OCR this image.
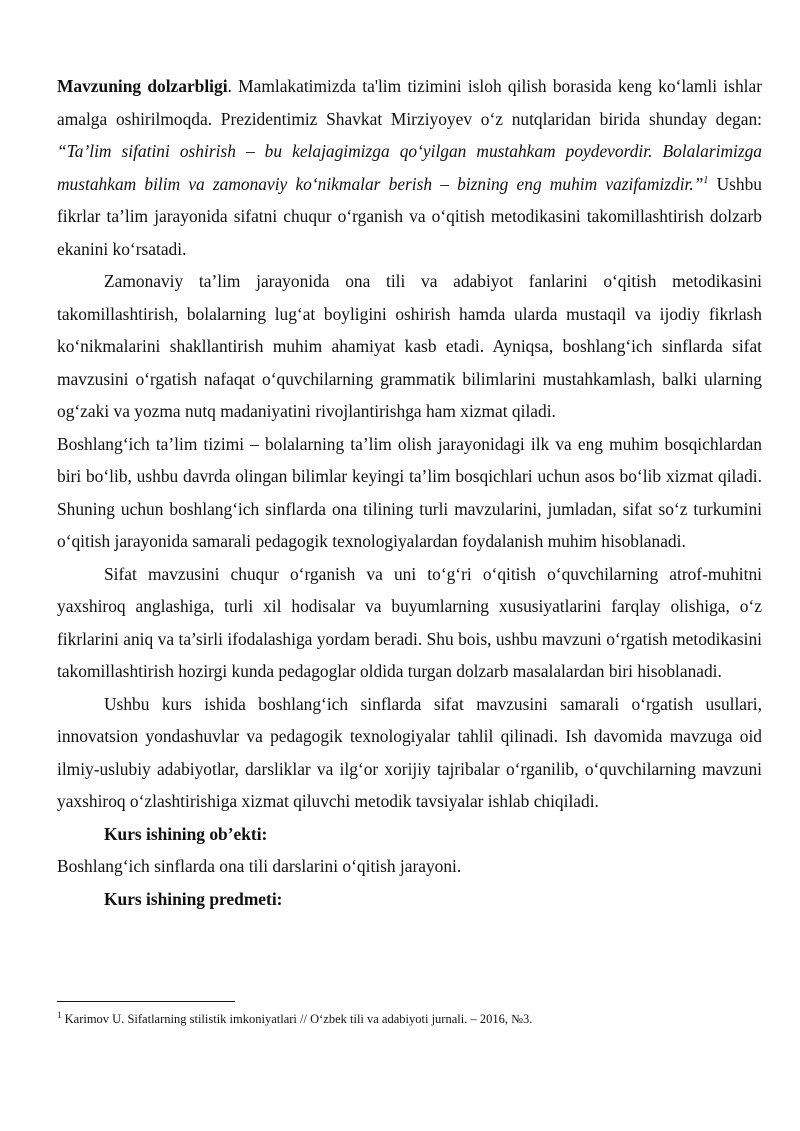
Mavzuning dolzarbligi. Mamlakatimizda ta'lim tizimini isloh qilish borasida keng ko‘lamli ishlar amalga oshirilmoqda. Prezidentimiz Shavkat Mirziyoyev o‘z nutqlaridan birida shunday degan: “Ta’lim sifatini oshirish – bu kelajagimizga qo‘yilgan mustahkam poydevordir. Bolalarimizga mustahkam bilim va zamonaviy ko‘nikmalar berish – bizning eng muhim vazifamizdir.”$^1$ Ushbu fikrlar ta’lim jarayonida sifatni chuqur o‘rganish va o‘qitish metodikasini takomillashtirish dolzarb ekanini ko‘rsatadi.

Zamonaviy ta’lim jarayonida ona tili va adabiyot fanlarini o‘qitish metodikasini takomillashtirish, bolalarning lug‘at boyligini oshirish hamda ularda mustaqil va ijodiy fikrlash ko‘nikmalarini shakllantirish muhim ahamiyat kasb etadi. Ayniqsa, boshlang‘ich sinflarda sifat mavzusini o‘rgatish nafaqat o‘quvchilarning grammatik bilimlarini mustahkamlash, balki ularning og‘zaki va yozma nutq madaniyatini rivojlantirishga ham xizmat qiladi.

Boshlang‘ich ta’lim tizimi – bolalarning ta’lim olish jarayonidagi ilk va eng muhim bosqichlardan biri bo‘lib, ushbu davrda olingan bilimlar keyingi ta’lim bosqichlari uchun asos bo‘lib xizmat qiladi. Shuning uchun boshlang‘ich sinflarda ona tilining turli mavzularini, jumladan, sifat so‘z turkumini o‘qitish jarayonida samarali pedagogik texnologiyalardan foydalanish muhim hisoblanadi.

Sifat mavzusini chuqur o‘rganish va uni to‘g‘ri o‘qitish o‘quvchilarning atrof-muhitni yaxshiroq anglashiga, turli xil hodisalar va buyumlarning xususiyatlarini farqlay olishiga, o‘z fikrlarini aniq va ta’sirli ifodalashiga yordam beradi. Shu bois, ushbu mavzuni o‘rgatish metodikasini takomillashtirish hozirgi kunda pedagoglar oldida turgan dolzarb masalalardan biri hisoblanadi.

Ushbu kurs ishida boshlang‘ich sinflarda sifat mavzusini samarali o‘rgatish usullari, innovatsion yondashuvlar va pedagogik texnologiyalar tahlil qilinadi. Ish davomida mavzuga oid ilmiy-uslubiy adabiyotlar, darsliklar va ilg‘or xorijiy tajribalar o‘rganilib, o‘quvchilarning mavzuni yaxshiroq o‘zlashtirishiga xizmat qiluvchi metodik tavsiyalar ishlab chiqiladi.

Kurs ishining ob’ekti:

Boshlang‘ich sinflarda ona tili darslarini o‘qitish jarayoni.

Kurs ishining predmeti:

$^1$ Karimov U. Sifatlarning stilistik imkoniyatlari // O‘zbek tili va adabiyoti jurnali. – 2016, №3.
